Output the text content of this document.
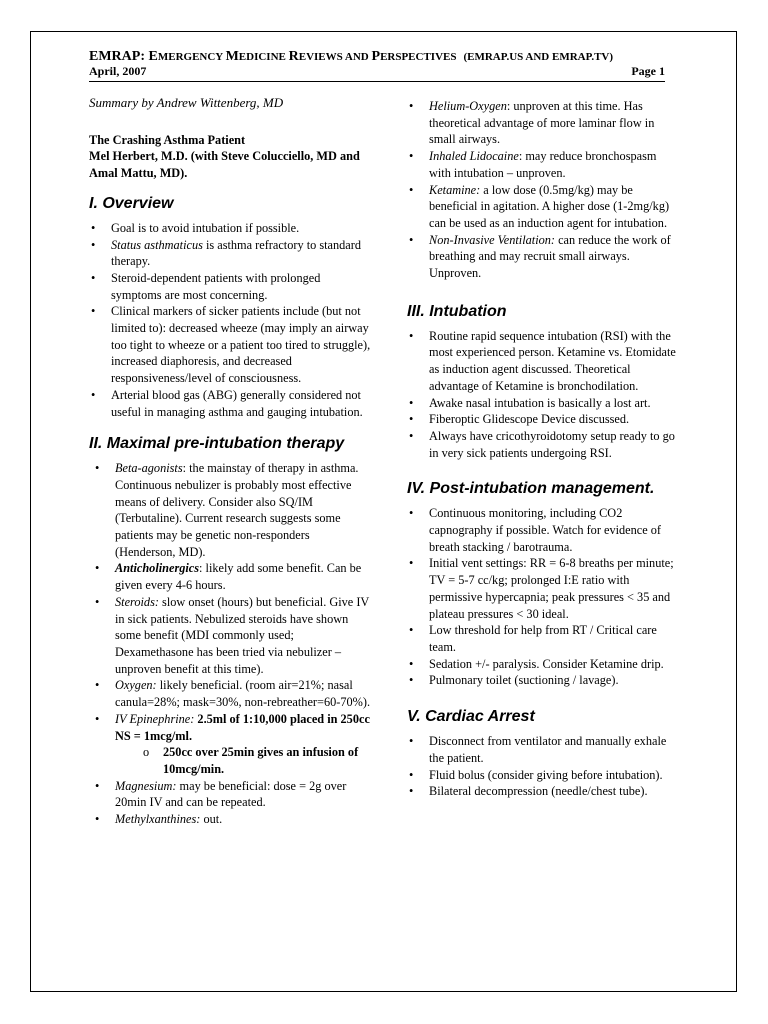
EMRAP: EMERGENCY MEDICINE REVIEWS AND PERSPECTIVES (EMRAP.US AND EMRAP.TV)
April, 2007	Page 1

Summary by Andrew Wittenberg, MD

The Crashing Asthma Patient
Mel Herbert, M.D. (with Steve Colucciello, MD and Amal Mattu, MD).
I. Overview
• Goal is to avoid intubation if possible.
• Status asthmaticus is asthma refractory to standard therapy.
• Steroid-dependent patients with prolonged symptoms are most concerning.
• Clinical markers of sicker patients include (but not limited to): decreased wheeze (may imply an airway too tight to wheeze or a patient too tired to struggle), increased diaphoresis, and decreased responsiveness/level of consciousness.
• Arterial blood gas (ABG) generally considered not useful in managing asthma and gauging intubation.
II. Maximal pre-intubation therapy
• Beta-agonists: the mainstay of therapy in asthma. Continuous nebulizer is probably most effective means of delivery. Consider also SQ/IM (Terbutaline). Current research suggests some patients may be genetic non-responders (Henderson, MD).
• Anticholinergics: likely add some benefit. Can be given every 4-6 hours.
• Steroids: slow onset (hours) but beneficial. Give IV in sick patients. Nebulized steroids have shown some benefit (MDI commonly used; Dexamethasone has been tried via nebulizer – unproven benefit at this time).
• Oxygen: likely beneficial. (room air=21%; nasal canula=28%; mask=30%, non-rebreather=60-70%).
• IV Epinephrine: 2.5ml of 1:10,000 placed in 250cc NS = 1mcg/ml.
o 250cc over 25min gives an infusion of 10mcg/min.
• Magnesium: may be beneficial: dose = 2g over 20min IV and can be repeated.
• Methylxanthines: out.
• Helium-Oxygen: unproven at this time. Has theoretical advantage of more laminar flow in small airways.
• Inhaled Lidocaine: may reduce bronchospasm with intubation – unproven.
• Ketamine: a low dose (0.5mg/kg) may be beneficial in agitation. A higher dose (1-2mg/kg) can be used as an induction agent for intubation.
• Non-Invasive Ventilation: can reduce the work of breathing and may recruit small airways. Unproven.
III. Intubation
• Routine rapid sequence intubation (RSI) with the most experienced person. Ketamine vs. Etomidate as induction agent discussed. Theoretical advantage of Ketamine is bronchodilation.
• Awake nasal intubation is basically a lost art.
• Fiberoptic Glidescope Device discussed.
• Always have cricothyroidotomy setup ready to go in very sick patients undergoing RSI.
IV. Post-intubation management.
• Continuous monitoring, including CO2 capnography if possible. Watch for evidence of breath stacking / barotrauma.
• Initial vent settings: RR = 6-8 breaths per minute; TV = 5-7 cc/kg; prolonged I:E ratio with permissive hypercapnia; peak pressures < 35 and plateau pressures < 30 ideal.
• Low threshold for help from RT / Critical care team.
• Sedation +/- paralysis. Consider Ketamine drip.
• Pulmonary toilet (suctioning / lavage).
V. Cardiac Arrest
• Disconnect from ventilator and manually exhale the patient.
• Fluid bolus (consider giving before intubation).
• Bilateral decompression (needle/chest tube).
